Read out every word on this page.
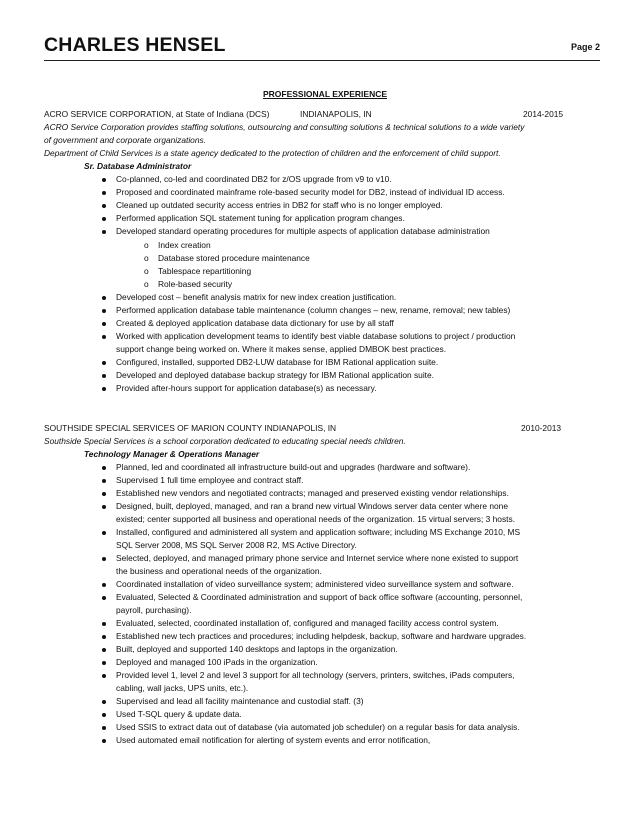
CHARLES HENSEL	Page 2
PROFESSIONAL EXPERIENCE
ACRO SERVICE CORPORATION, at State of Indiana (DCS)	INDIANAPOLIS, IN	2014-2015
ACRO Service Corporation provides staffing solutions, outsourcing and consulting solutions & technical solutions to a wide variety
of government and corporate organizations.
Department of Child Services is a state agency dedicated to the protection of children and the enforcement of child support.
Sr. Database Administrator
Co-planned, co-led and coordinated DB2 for z/OS upgrade from v9 to v10.
Proposed and coordinated mainframe role-based security model for DB2, instead of individual ID access.
Cleaned up outdated security access entries in DB2 for staff who is no longer employed.
Performed application SQL statement tuning for application program changes.
Developed standard operating procedures for multiple aspects of application database administration
o Index creation
o Database stored procedure maintenance
o Tablespace repartitioning
o Role-based security
Developed cost – benefit analysis matrix for new index creation justification.
Performed application database table maintenance (column changes – new, rename, removal; new tables)
Created & deployed application database data dictionary for use by all staff
Worked with application development teams to identify best viable database solutions to project / production
support change being worked on. Where it makes sense, applied DMBOK best practices.
Configured, installed, supported DB2-LUW database for IBM Rational application suite.
Developed and deployed database backup strategy for IBM Rational application suite.
Provided after-hours support for application database(s) as necessary.
SOUTHSIDE SPECIAL SERVICES OF MARION COUNTY INDIANAPOLIS, IN	2010-2013
Southside Special Services is a school corporation dedicated to educating special needs children.
Technology Manager & Operations Manager
Planned, led and coordinated all infrastructure build-out and upgrades (hardware and software).
Supervised 1 full time employee and contract staff.
Established new vendors and negotiated contracts; managed and preserved existing vendor relationships.
Designed, built, deployed, managed, and ran a brand new virtual Windows server data center where none
existed; center supported all business and operational needs of the organization. 15 virtual servers; 3 hosts.
Installed, configured and administered all system and application software; including MS Exchange 2010, MS
SQL Server 2008, MS SQL Server 2008 R2, MS Active Directory.
Selected, deployed, and managed primary phone service and Internet service where none existed to support
the business and operational needs of the organization.
Coordinated installation of video surveillance system; administered video surveillance system and software.
Evaluated, Selected & Coordinated administration and support of back office software (accounting, personnel,
payroll, purchasing).
Evaluated, selected, coordinated installation of, configured and managed facility access control system.
Established new tech practices and procedures; including helpdesk, backup, software and hardware upgrades.
Built, deployed and supported 140 desktops and laptops in the organization.
Deployed and managed 100 iPads in the organization.
Provided level 1, level 2 and level 3 support for all technology (servers, printers, switches, iPads computers,
cabling, wall jacks, UPS units, etc.).
Supervised and lead all facility maintenance and custodial staff. (3)
Used T-SQL query & update data.
Used SSIS to extract data out of database (via automated job scheduler) on a regular basis for data analysis.
Used automated email notification for alerting of system events and error notification,
